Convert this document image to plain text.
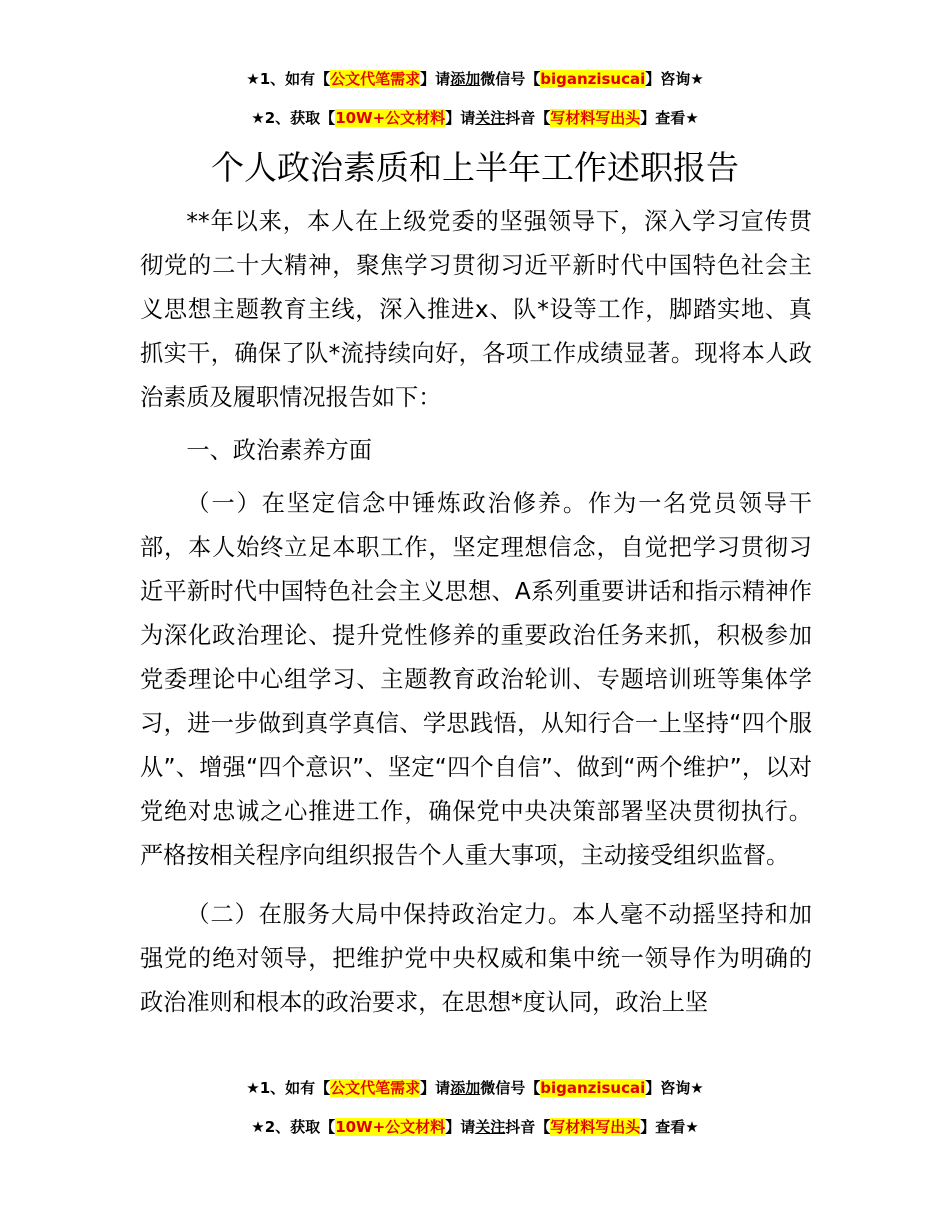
★1、如有【公文代笔需求】请添加微信号【biganzisucai】咨询★
★2、获取【10W+公文材料】请关注抖音【写材料写出头】查看★
个人政治素质和上半年工作述职报告

**年以来，本人在上级党委的坚强领导下，深入学习宣传贯彻党的二十大精神，聚焦学习贯彻习近平新时代中国特色社会主义思想主题教育主线，深入推进x、队*设等工作，脚踏实地、真抓实干，确保了队*流持续向好，各项工作成绩显著。现将本人政治素质及履职情况报告如下：

一、政治素养方面

（一）在坚定信念中锤炼政治修养。作为一名党员领导干部，本人始终立足本职工作，坚定理想信念，自觉把学习贯彻习近平新时代中国特色社会主义思想、A系列重要讲话和指示精神作为深化政治理论、提升党性修养的重要政治任务来抓，积极参加党委理论中心组学习、主题教育政治轮训、专题培训班等集体学习，进一步做到真学真信、学思践悟，从知行合一上坚持“四个服从”、增强“四个意识”、坚定“四个自信”、做到“两个维护”，以对党绝对忠诚之心推进工作，确保党中央决策部署坚决贯彻执行。严格按相关程序向组织报告个人重大事项，主动接受组织监督。

（二）在服务大局中保持政治定力。本人毫不动摇坚持和加强党的绝对领导，把维护党中央权威和集中统一领导作为明确的政治准则和根本的政治要求，在思想*度认同，政治上坚

★1、如有【公文代笔需求】请添加微信号【biganzisucai】咨询★
★2、获取【10W+公文材料】请关注抖音【写材料写出头】查看★
